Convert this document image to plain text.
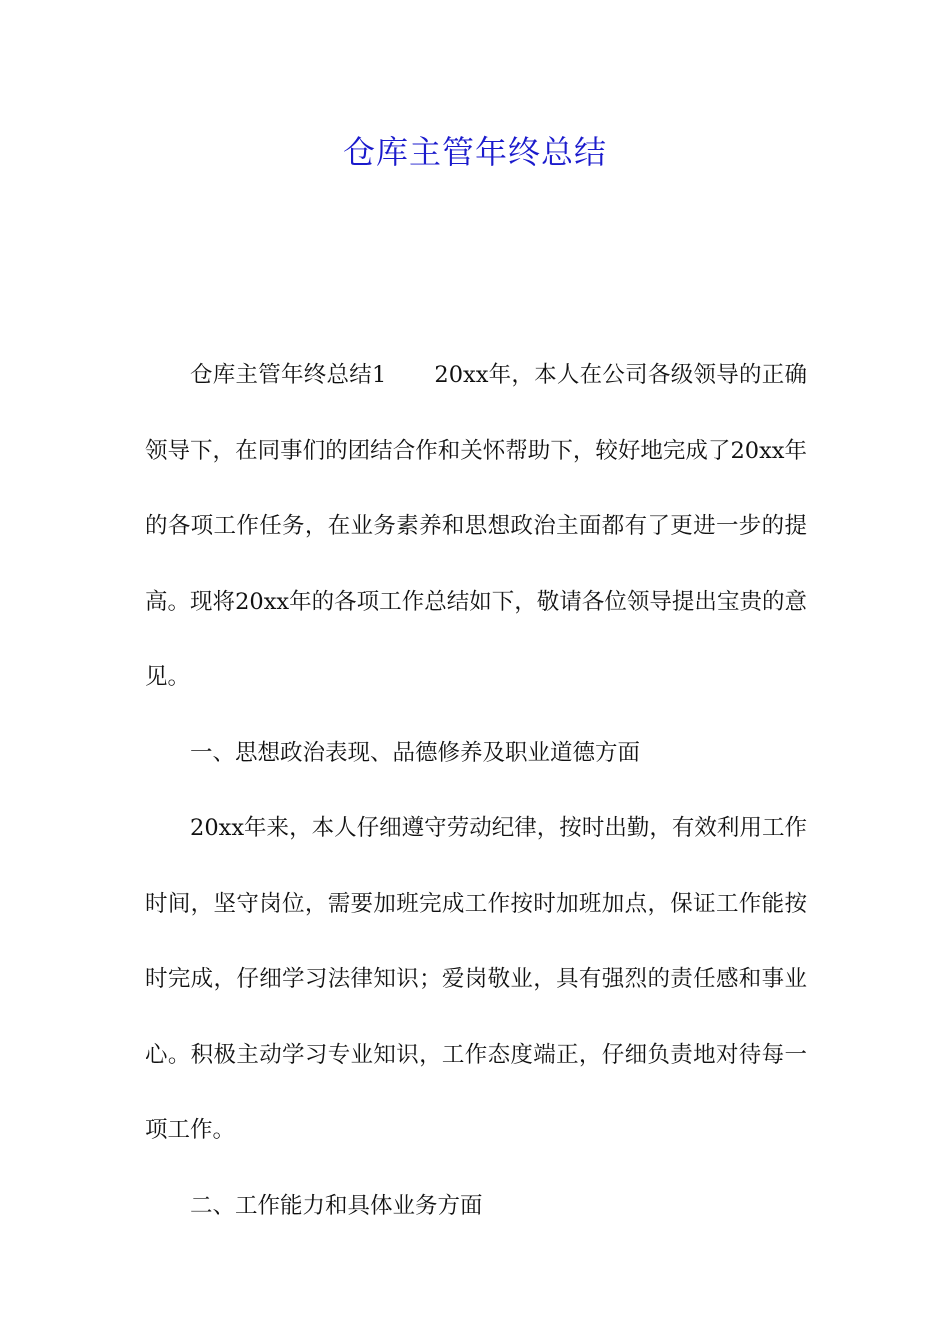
仓库主管年终总结

仓库主管年终总结1 20xx年，本人在公司各级领导的正确领导下，在同事们的团结合作和关怀帮助下，较好地完成了20xx年的各项工作任务，在业务素养和思想政治主面都有了更进一步的提高。现将20xx年的各项工作总结如下，敬请各位领导提出宝贵的意见。

一、思想政治表现、品德修养及职业道德方面

20xx年来，本人仔细遵守劳动纪律，按时出勤，有效利用工作时间，坚守岗位，需要加班完成工作按时加班加点，保证工作能按时完成，仔细学习法律知识；爱岗敬业，具有强烈的责任感和事业心。积极主动学习专业知识，工作态度端正，仔细负责地对待每一项工作。

二、工作能力和具体业务方面
